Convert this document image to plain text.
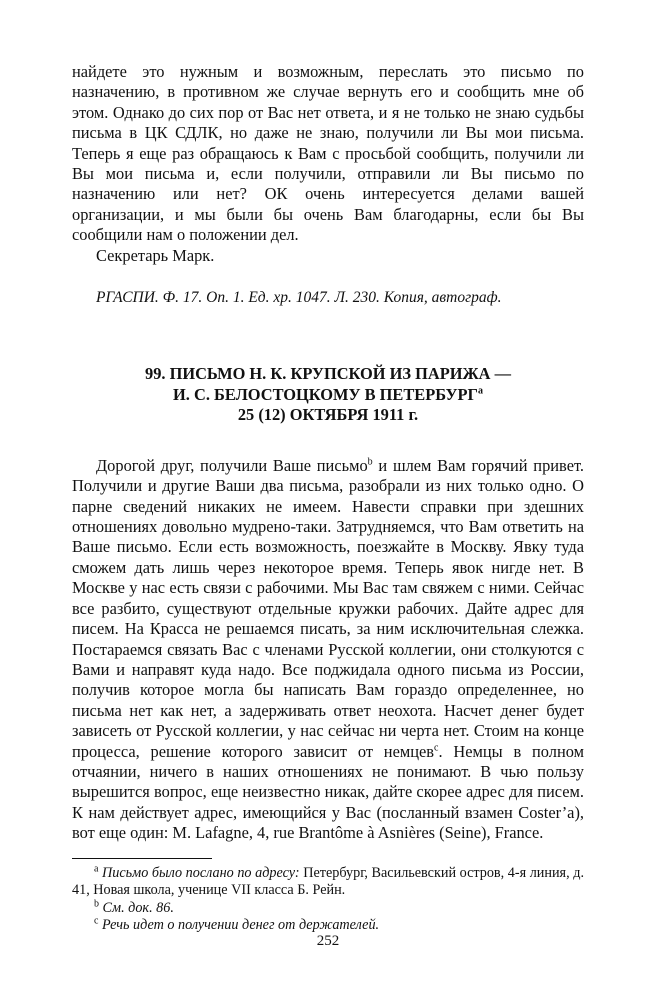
найдете это нужным и возможным, переслать это письмо по назначению, в противном же случае вернуть его и сообщить мне об этом. Однако до сих пор от Вас нет ответа, и я не только не знаю судьбы письма в ЦК СДЛК, но даже не знаю, получили ли Вы мои письма. Теперь я еще раз обращаюсь к Вам с просьбой сообщить, получили ли Вы мои письма и, если получили, отправили ли Вы письмо по назначению или нет? ОК очень интересуется делами вашей организации, и мы были бы очень Вам благодарны, если бы Вы сообщили нам о положении дел.

Секретарь Марк.

РГАСПИ. Ф. 17. Оп. 1. Ед. хр. 1047. Л. 230. Копия, автограф.

99. ПИСЬМО Н. К. КРУПСКОЙ ИЗ ПАРИЖА —
И. С. БЕЛОСТОЦКОМУ В ПЕТЕРБУРГ$^a$
25 (12) ОКТЯБРЯ 1911 г.

Дорогой друг, получили Ваше письмо$^b$ и шлем Вам горячий привет. Получили и другие Ваши два письма, разобрали из них только одно. О парне сведений никаких не имеем. Навести справки при здешних отношениях довольно мудрено-таки. Затрудняемся, что Вам ответить на Ваше письмо. Если есть возможность, поезжайте в Москву. Явку туда сможем дать лишь через некоторое время. Теперь явок нигде нет. В Москве у нас есть связи с рабочими. Мы Вас там свяжем с ними. Сейчас все разбито, существуют отдельные кружки рабочих. Дайте адрес для писем. На Красса не решаемся писать, за ним исключительная слежка. Постараемся связать Вас с членами Русской коллегии, они столкуются с Вами и направят куда надо. Все поджидала одного письма из России, получив которое могла бы написать Вам гораздо определеннее, но письма нет как нет, а задерживать ответ неохота. Насчет денег будет зависеть от Русской коллегии, у нас сейчас ни черта нет. Стоим на конце процесса, решение которого зависит от немцев$^c$. Немцы в полном отчаянии, ничего в наших отношениях не понимают. В чью пользу вырешится вопрос, еще неизвестно никак, дайте скорее адрес для писем. К нам действует адрес, имеющийся у Вас (посланный взамен Coster’a), вот еще один: M. Lafagne, 4, rue Brantôme à Asnières (Seine), France.

$^a$ Письмо было послано по адресу: Петербург, Васильевский остров, 4-я линия, д. 41, Новая школа, ученице VII класса Б. Рейн.

$^b$ См. док. 86.

$^c$ Речь идет о получении денег от держателей.

252
